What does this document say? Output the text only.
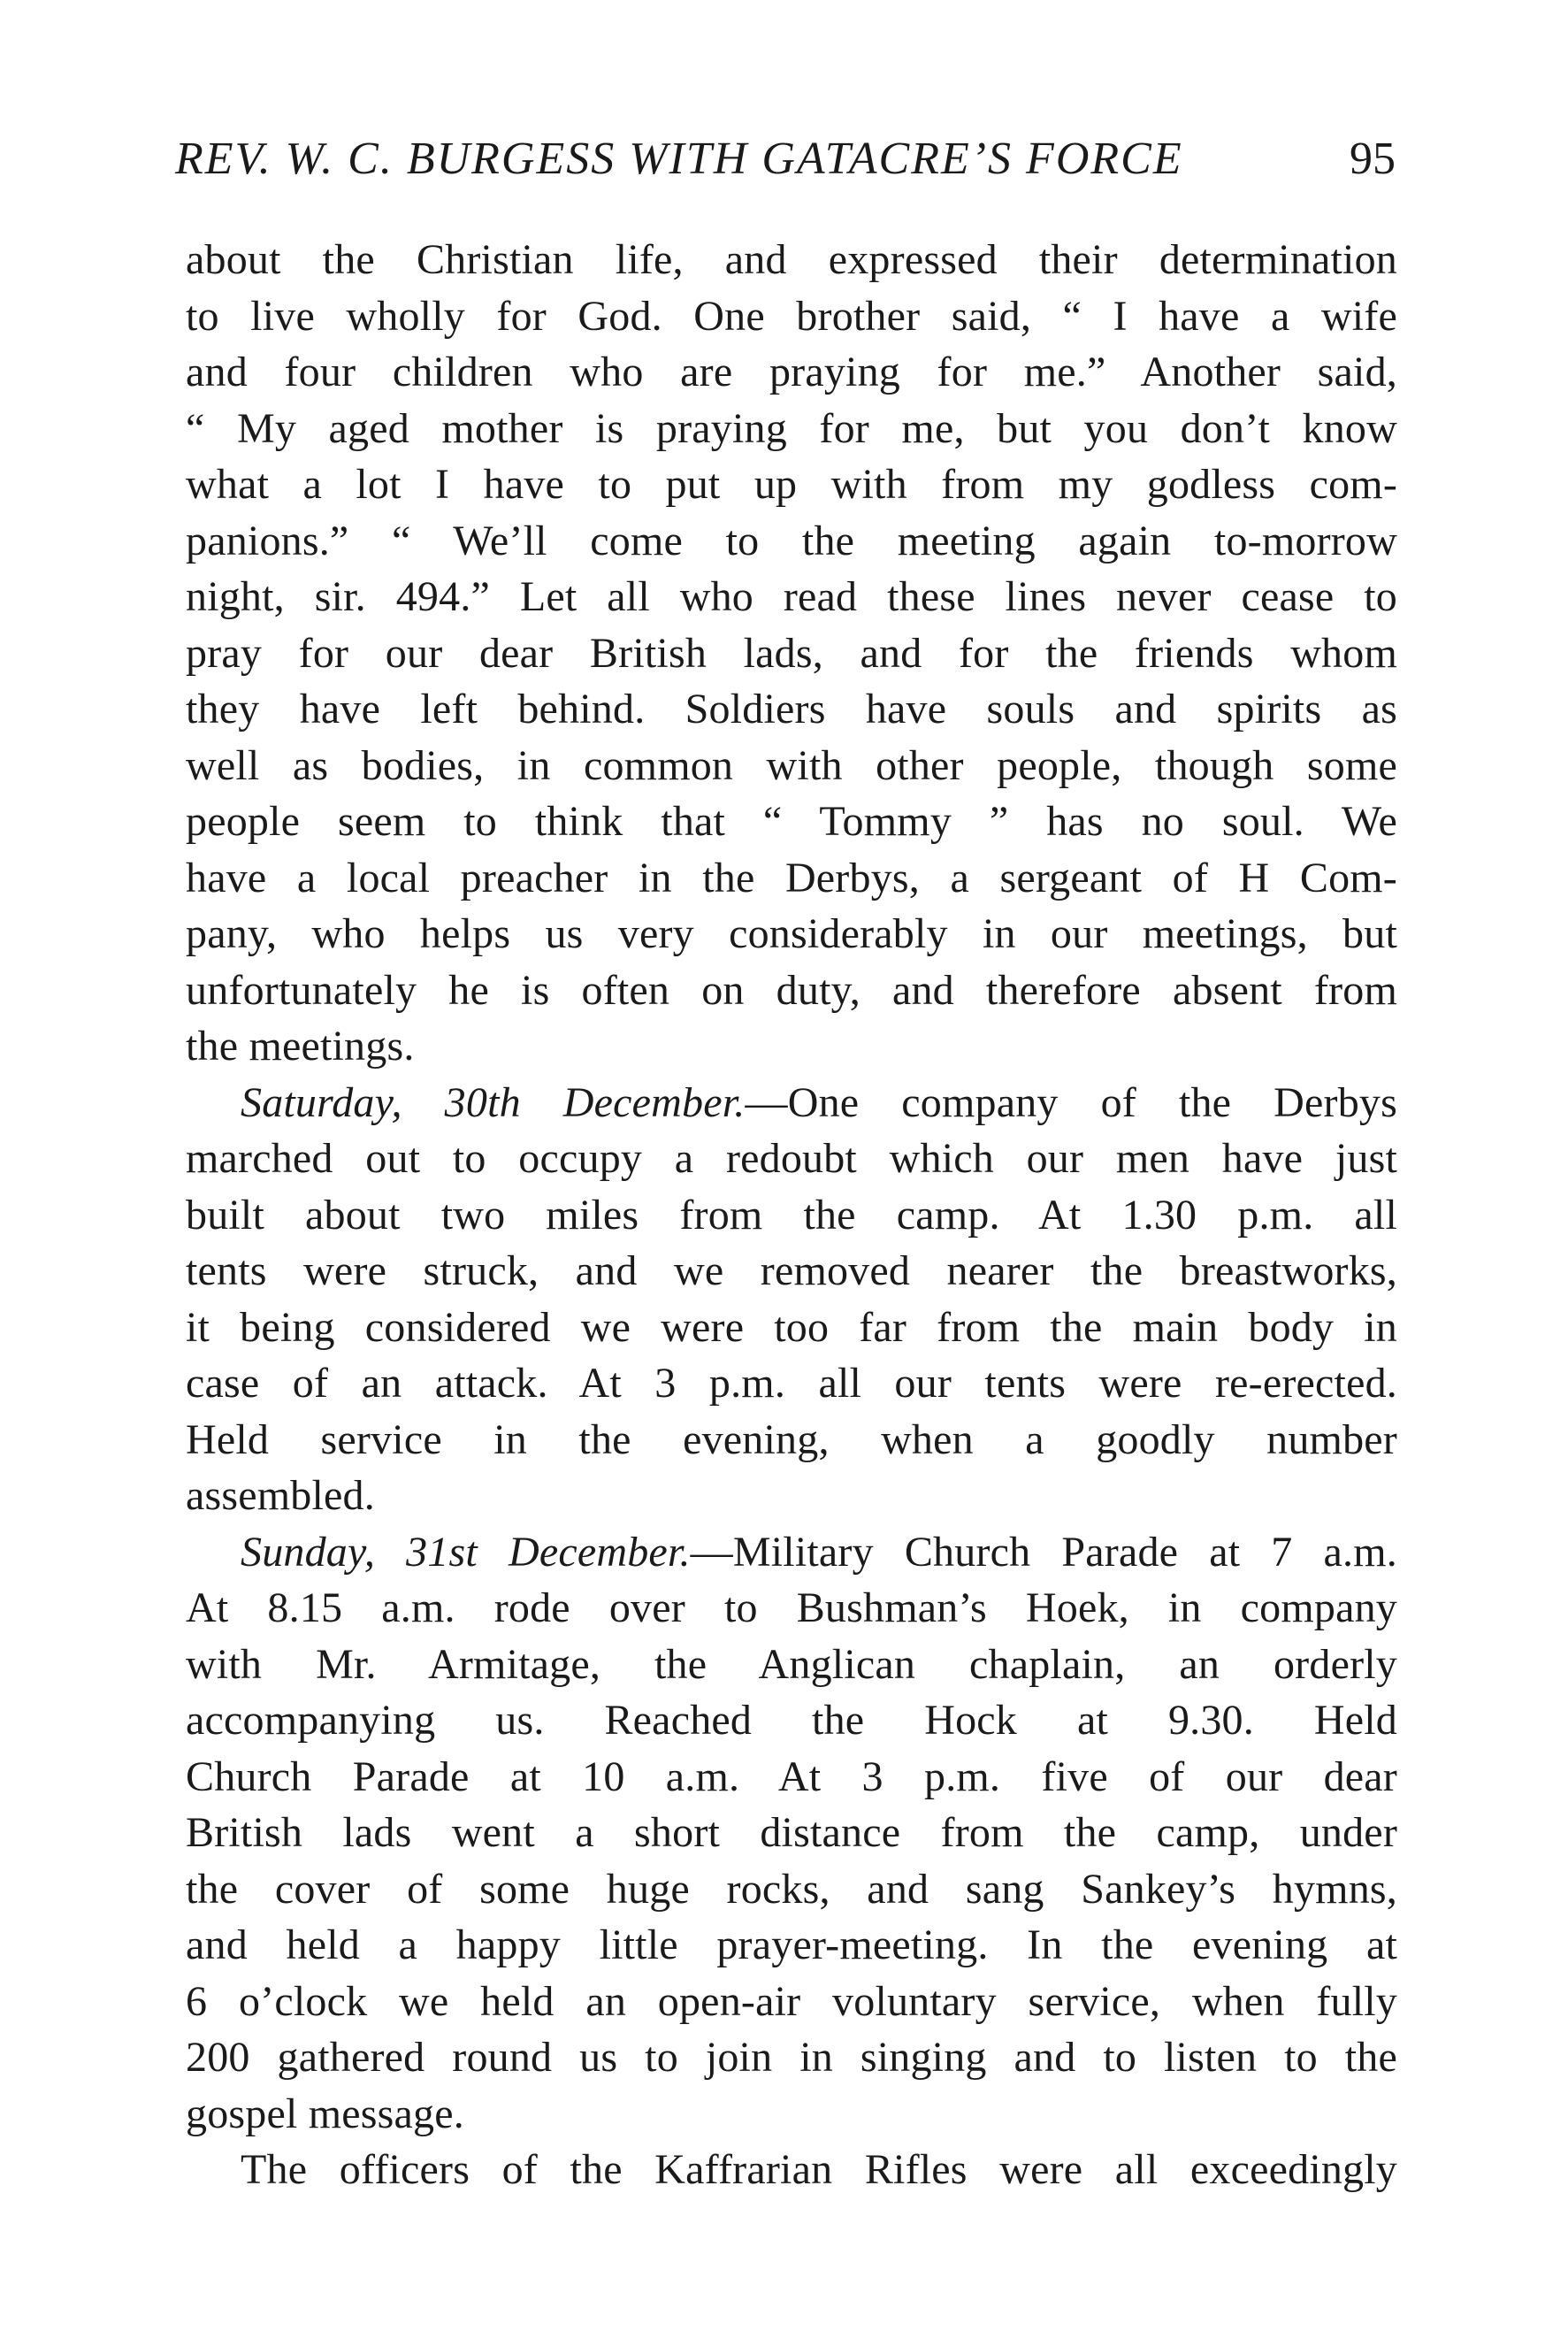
REV. W. C. BURGESS WITH GATACRE’S FORCE	95
about the Christian life, and expressed their determination
to live wholly for God. One brother said, “ I have a wife
and four children who are praying for me.” Another said,
“ My aged mother is praying for me, but you don’t know
what a lot I have to put up with from my godless com-
panions.” “ We’ll come to the meeting again to-morrow
night, sir. 494.” Let all who read these lines never cease to
pray for our dear British lads, and for the friends whom
they have left behind. Soldiers have souls and spirits as
well as bodies, in common with other people, though some
people seem to think that “ Tommy ” has no soul. We
have a local preacher in the Derbys, a sergeant of H Com-
pany, who helps us very considerably in our meetings, but
unfortunately he is often on duty, and therefore absent from
the meetings.
Saturday, 30th December.—One company of the Derbys
marched out to occupy a redoubt which our men have just
built about two miles from the camp. At 1.30 p.m. all
tents were struck, and we removed nearer the breastworks,
it being considered we were too far from the main body in
case of an attack. At 3 p.m. all our tents were re-erected.
Held service in the evening, when a goodly number
assembled.
Sunday, 31st December.—Military Church Parade at 7 a.m.
At 8.15 a.m. rode over to Bushman’s Hoek, in company
with Mr. Armitage, the Anglican chaplain, an orderly
accompanying us. Reached the Hock at 9.30. Held
Church Parade at 10 a.m. At 3 p.m. five of our dear
British lads went a short distance from the camp, under
the cover of some huge rocks, and sang Sankey’s hymns,
and held a happy little prayer-meeting. In the evening at
6 o’clock we held an open-air voluntary service, when fully
200 gathered round us to join in singing and to listen to the
gospel message.
The officers of the Kaffrarian Rifles were all exceedingly
